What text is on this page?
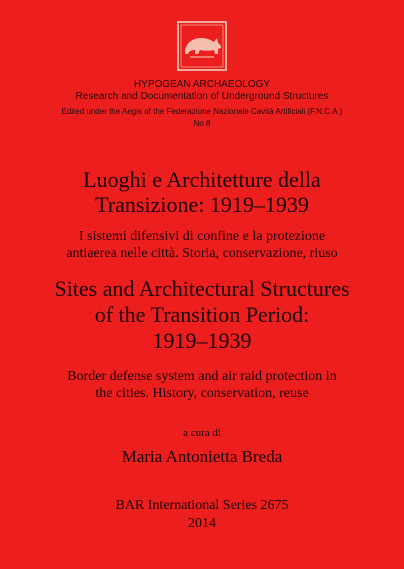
HYPOGEAN ARCHAEOLOGY
Research and Documentation of Underground Structures
Edited under the Aegis of the Federazione Nazionale Cavità Artificiali (F.N.C.A.)
No 8
Luoghi e Architetture della
Transizione: 1919–1939
I sistemi difensivi di confine e la protezione
antiaerea nelle città. Storia, conservazione, riuso
Sites and Architectural Structures
of the Transition Period:
1919–1939
Border defense system and air raid protection in
the cities. History, conservation, reuse
a cura di
Maria Antonietta Breda
BAR International Series 2675
2014
